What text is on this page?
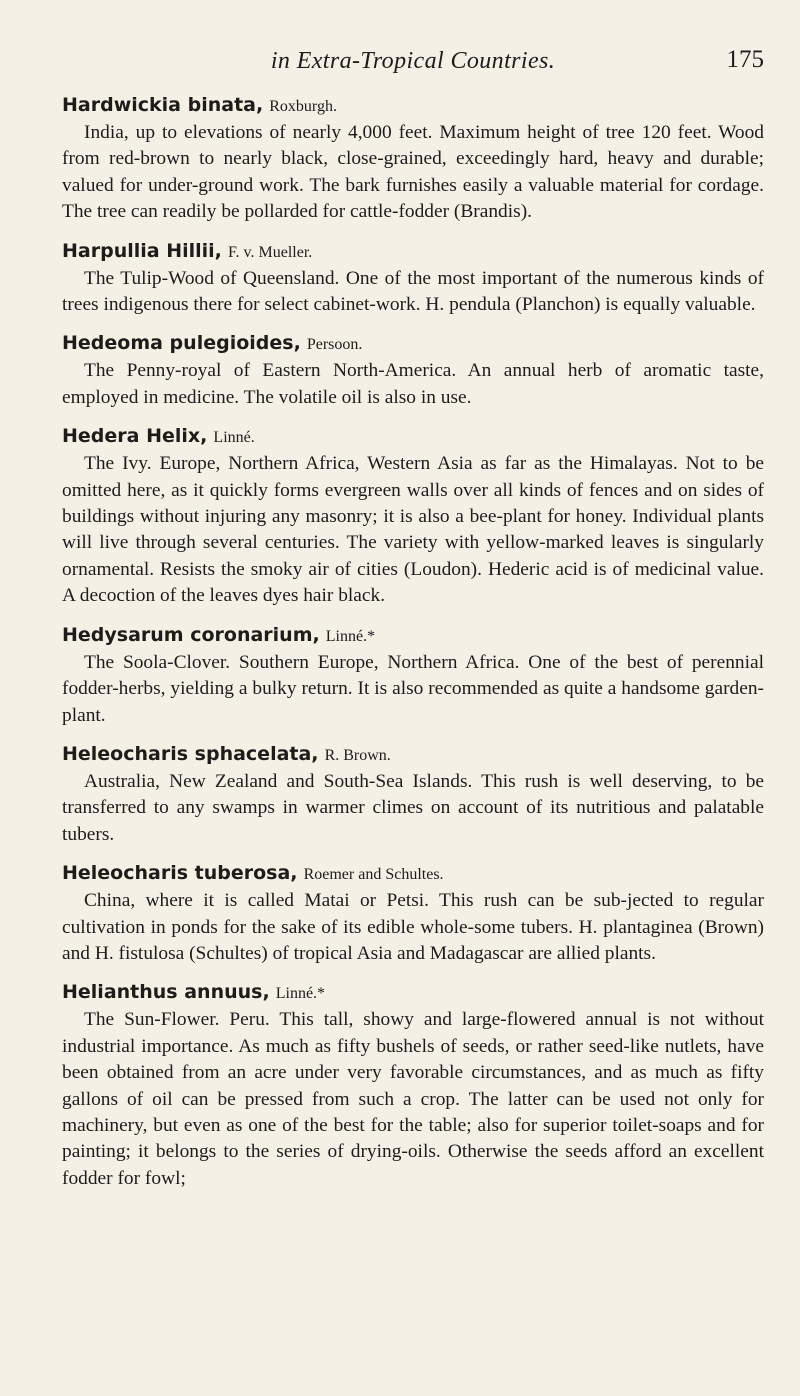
in Extra-Tropical Countries.	175
Hardwickia binata, Roxburgh.

India, up to elevations of nearly 4,000 feet. Maximum height of tree 120 feet. Wood from red-brown to nearly black, close-grained, exceedingly hard, heavy and durable; valued for under-ground work. The bark furnishes easily a valuable material for cordage. The tree can readily be pollarded for cattle-fodder (Brandis).

Harpullia Hillii, F. v. Mueller.

The Tulip-Wood of Queensland. One of the most important of the numerous kinds of trees indigenous there for select cabinet-work. H. pendula (Planchon) is equally valuable.

Hedeoma pulegioides, Persoon.

The Penny-royal of Eastern North-America. An annual herb of aromatic taste, employed in medicine. The volatile oil is also in use.

Hedera Helix, Linné.

The Ivy. Europe, Northern Africa, Western Asia as far as the Himalayas. Not to be omitted here, as it quickly forms evergreen walls over all kinds of fences and on sides of buildings without injuring any masonry; it is also a bee-plant for honey. Individual plants will live through several centuries. The variety with yellow-marked leaves is singularly ornamental. Resists the smoky air of cities (Loudon). Hederic acid is of medicinal value. A decoction of the leaves dyes hair black.

Hedysarum coronarium, Linné.*

The Soola-Clover. Southern Europe, Northern Africa. One of the best of perennial fodder-herbs, yielding a bulky return. It is also recommended as quite a handsome garden-plant.

Heleocharis sphacelata, R. Brown.

Australia, New Zealand and South-Sea Islands. This rush is well deserving, to be transferred to any swamps in warmer climes on account of its nutritious and palatable tubers.

Heleocharis tuberosa, Roemer and Schultes.

China, where it is called Matai or Petsi. This rush can be sub-jected to regular cultivation in ponds for the sake of its edible whole-some tubers. H. plantaginea (Brown) and H. fistulosa (Schultes) of tropical Asia and Madagascar are allied plants.

Helianthus annuus, Linné.*

The Sun-Flower. Peru. This tall, showy and large-flowered annual is not without industrial importance. As much as fifty bushels of seeds, or rather seed-like nutlets, have been obtained from an acre under very favorable circumstances, and as much as fifty gallons of oil can be pressed from such a crop. The latter can be used not only for machinery, but even as one of the best for the table; also for superior toilet-soaps and for painting; it belongs to the series of drying-oils. Otherwise the seeds afford an excellent fodder for fowl;
